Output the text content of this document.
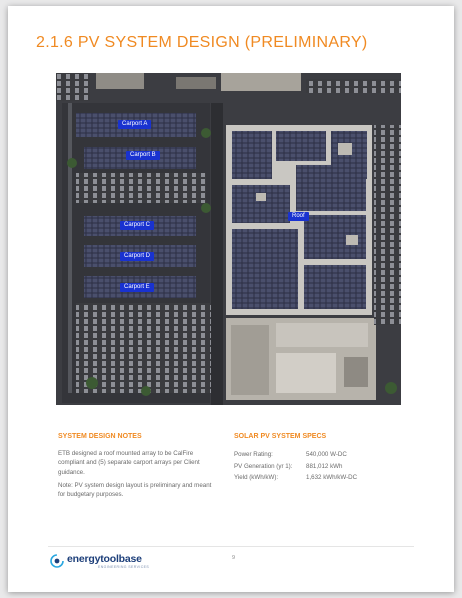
2.1.6 PV SYSTEM DESIGN (PRELIMINARY)
Carport A
Carport B
Carport C
Carport D
Carport E
Roof
SYSTEM DESIGN NOTES

ETB designed a roof mounted array to be CalFire compliant and (5) separate carport arrays per Client guidance.

Note: PV system design layout is preliminary and meant for budgetary purposes.

SOLAR PV SYSTEM SPECS
Power Rating:	540,000 W-DC
PV Generation (yr 1):	881,012 kWh
Yield (kWh/kW):	1,632 kWh/kW-DC
energytoolbase
ENGINEERING SERVICES
9
